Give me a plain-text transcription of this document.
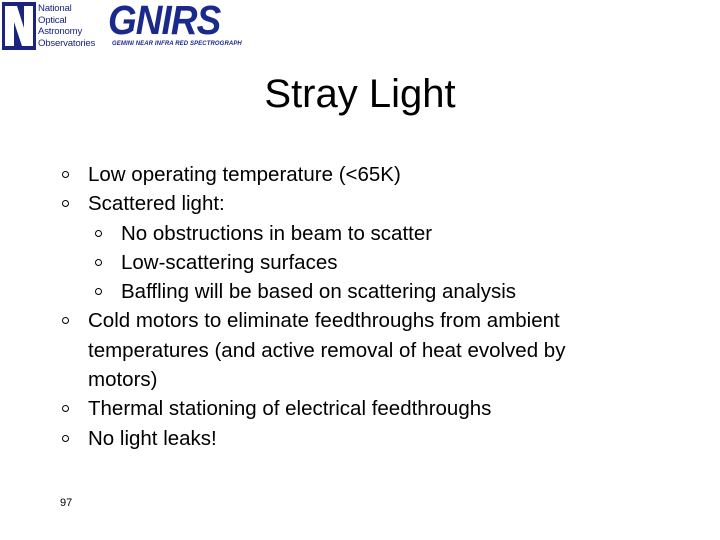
National
Optical
Astronomy
Observatories GNIRS
GEMINI NEAR INFRA RED SPECTROGRAPH
Stray Light
Low operating temperature (<65K)
Scattered light:
No obstructions in beam to scatter
Low-scattering surfaces
Baffling will be based on scattering analysis
Cold motors to eliminate feedthroughs from ambient
temperatures (and active removal of heat evolved by
motors)
Thermal stationing of electrical feedthroughs
No light leaks!
97
